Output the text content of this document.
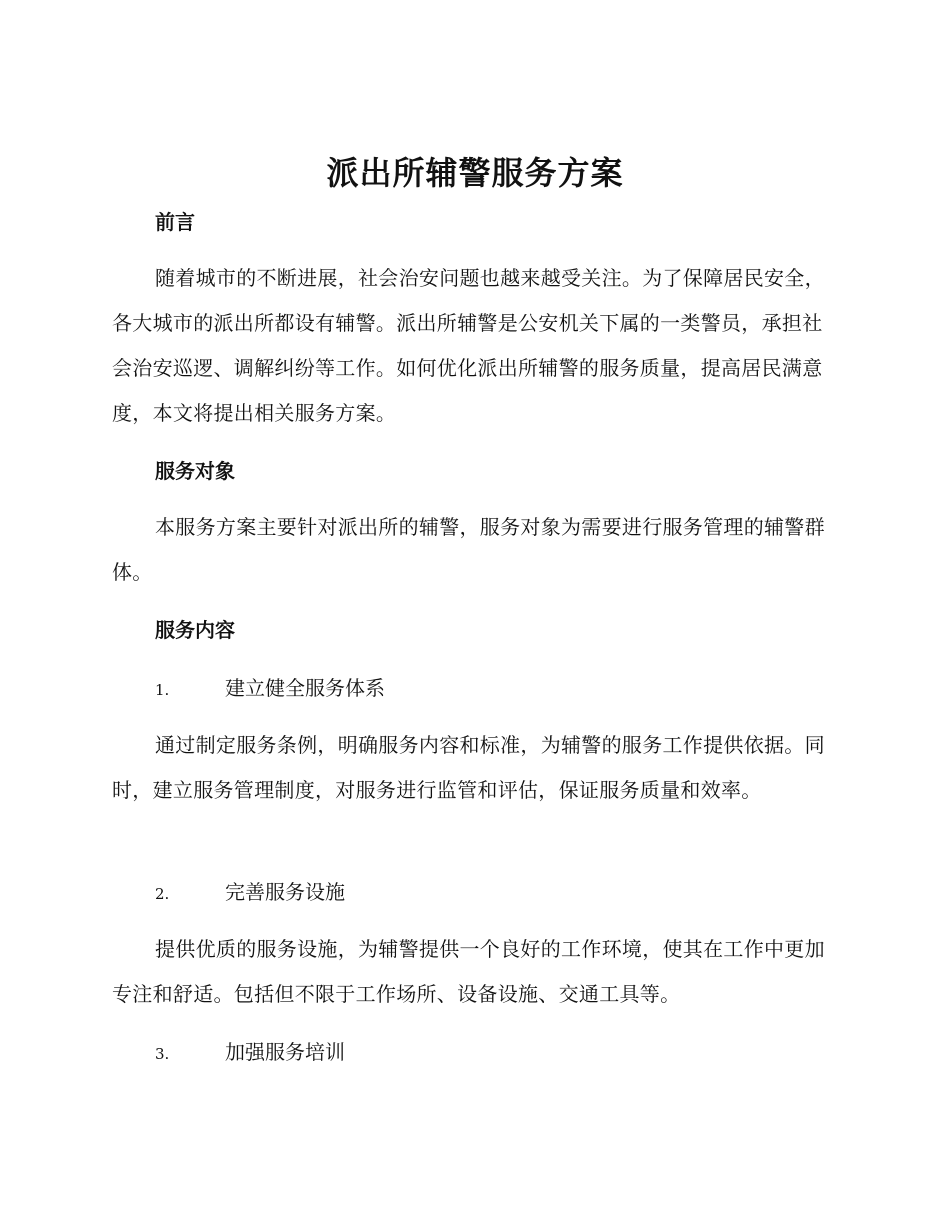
派出所辅警服务方案
前言
随着城市的不断进展，社会治安问题也越来越受关注。为了保障居民安全，各大城市的派出所都设有辅警。派出所辅警是公安机关下属的一类警员，承担社会治安巡逻、调解纠纷等工作。如何优化派出所辅警的服务质量，提高居民满意度，本文将提出相关服务方案。
服务对象
本服务方案主要针对派出所的辅警，服务对象为需要进行服务管理的辅警群体。
服务内容
1.	建立健全服务体系
通过制定服务条例，明确服务内容和标准，为辅警的服务工作提供依据。同时，建立服务管理制度，对服务进行监管和评估，保证服务质量和效率。
2.	完善服务设施
提供优质的服务设施，为辅警提供一个良好的工作环境，使其在工作中更加专注和舒适。包括但不限于工作场所、设备设施、交通工具等。
3.	加强服务培训
